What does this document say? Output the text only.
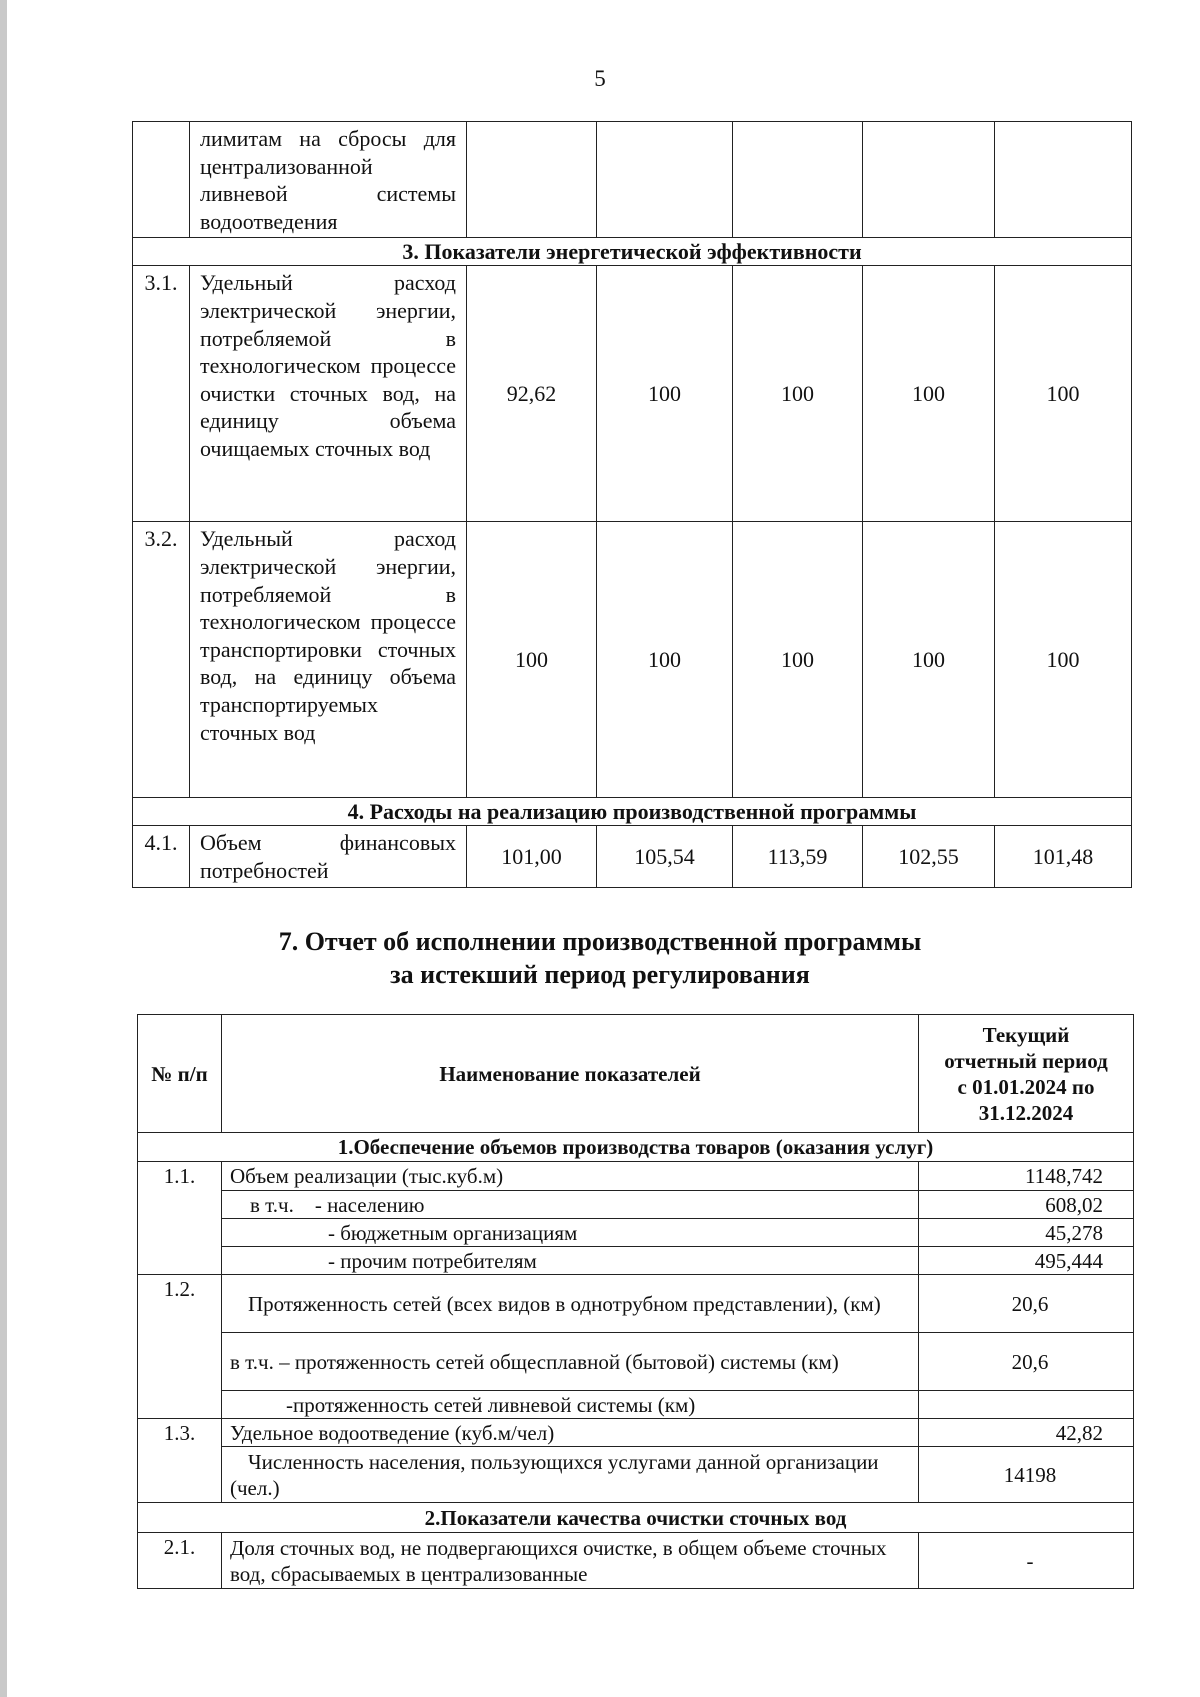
5
	лимитам на сбросы для централизованной ливневой системы водоотведения					
3. Показатели энергетической эффективности						
3.1.	Удельный расход электрической энергии, потребляемой в технологическом процессе очистки сточных вод, на единицу объема очищаемых сточных вод	92,62	100	100	100	100
3.2.	Удельный расход электрической энергии, потребляемой в технологическом процессе транспортировки сточных вод, на единицу объема транспортируемых сточных вод	100	100	100	100	100
4. Расходы на реализацию производственной программы						
4.1.	Объем финансовых потребностей	101,00	105,54	113,59	102,55	101,48
7. Отчет об исполнении производственной программы
за истекший период регулирования
№ п/п	Наименование показателей	Текущий
отчетный период
с 01.01.2024 по
31.12.2024

1.Обеспечение объемов производства товаров (оказания услуг)		
1.1.	Объем реализации (тыс.куб.м)	1148,742
	в т.ч.    - населению	608,02
	- бюджетным организациям	45,278
	- прочим потребителям	495,444
1.2.	Протяженность сетей (всех видов в однотрубном представлении), (км)	20,6
	в т.ч. – протяженность сетей общесплавной (бытовой) системы (км)	20,6
	-протяженность сетей ливневой системы (км)	
1.3.	Удельное водоотведение (куб.м/чел)	42,82

	Численность населения, пользующихся услугами данной организации (чел.)	14198
2.Показатели качества очистки сточных вод		
2.1.	Доля сточных вод, не подвергающихся очистке, в общем объеме сточных вод, сбрасываемых в централизованные	-
